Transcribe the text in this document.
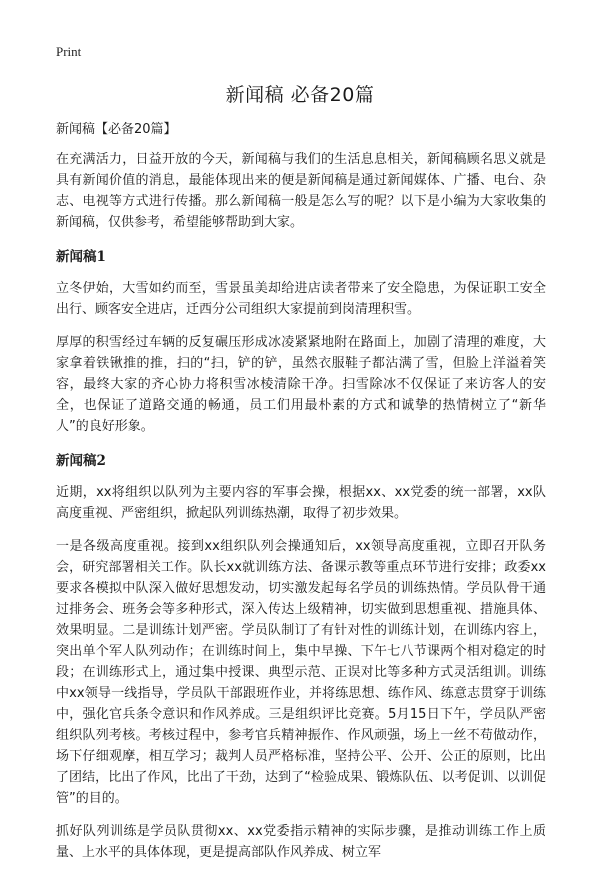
Print
新闻稿 必备20篇
新闻稿【必备20篇】

在充满活力，日益开放的今天，新闻稿与我们的生活息息相关，新闻稿顾名思义就是具有新闻价值的消息，最能体现出来的便是新闻稿是通过新闻媒体、广播、电台、杂志、电视等方式进行传播。那么新闻稿一般是怎么写的呢？以下是小编为大家收集的新闻稿，仅供参考，希望能够帮助到大家。

新闻稿1

立冬伊始，大雪如约而至，雪景虽美却给进店读者带来了安全隐患，为保证职工安全出行、顾客安全进店，迁西分公司组织大家提前到岗清理积雪。

厚厚的积雪经过车辆的反复碾压形成冰凌紧紧地附在路面上，加剧了清理的难度，大家拿着铁锹推的推，扫的“扫，铲的铲，虽然衣服鞋子都沾满了雪，但脸上洋溢着笑容，最终大家的齐心协力将积雪冰棱清除干净。扫雪除冰不仅保证了来访客人的安全，也保证了道路交通的畅通，员工们用最朴素的方式和诚挚的热情树立了“新华人”的良好形象。

新闻稿2

近期，xx将组织以队列为主要内容的军事会操，根据xx、xx党委的统一部署，xx队高度重视、严密组织，掀起队列训练热潮，取得了初步效果。

一是各级高度重视。接到xx组织队列会操通知后，xx领导高度重视，立即召开队务会，研究部署相关工作。队长xx就训练方法、备课示教等重点环节进行安排；政委xx要求各模拟中队深入做好思想发动，切实激发起每名学员的训练热情。学员队骨干通过排务会、班务会等多种形式，深入传达上级精神，切实做到思想重视、措施具体、效果明显。二是训练计划严密。学员队制订了有针对性的训练计划，在训练内容上，突出单个军人队列动作；在训练时间上，集中早操、下午七八节课两个相对稳定的时段；在训练形式上，通过集中授课、典型示范、正误对比等多种方式灵活组训。训练中xx领导一线指导，学员队干部跟班作业，并将练思想、练作风、练意志贯穿于训练中，强化官兵条令意识和作风养成。三是组织评比竞赛。5月15日下午，学员队严密组织队列考核。考核过程中，参考官兵精神振作、作风顽强，场上一丝不苟做动作，场下仔细观摩，相互学习；裁判人员严格标准，坚持公平、公开、公正的原则，比出了团结，比出了作风，比出了干劲，达到了“检验成果、锻炼队伍、以考促训、以训促管”的目的。

抓好队列训练是学员队贯彻xx、xx党委指示精神的实际步骤，是推动训练工作上质量、上水平的具体体现，更是提高部队作风养成、树立军
